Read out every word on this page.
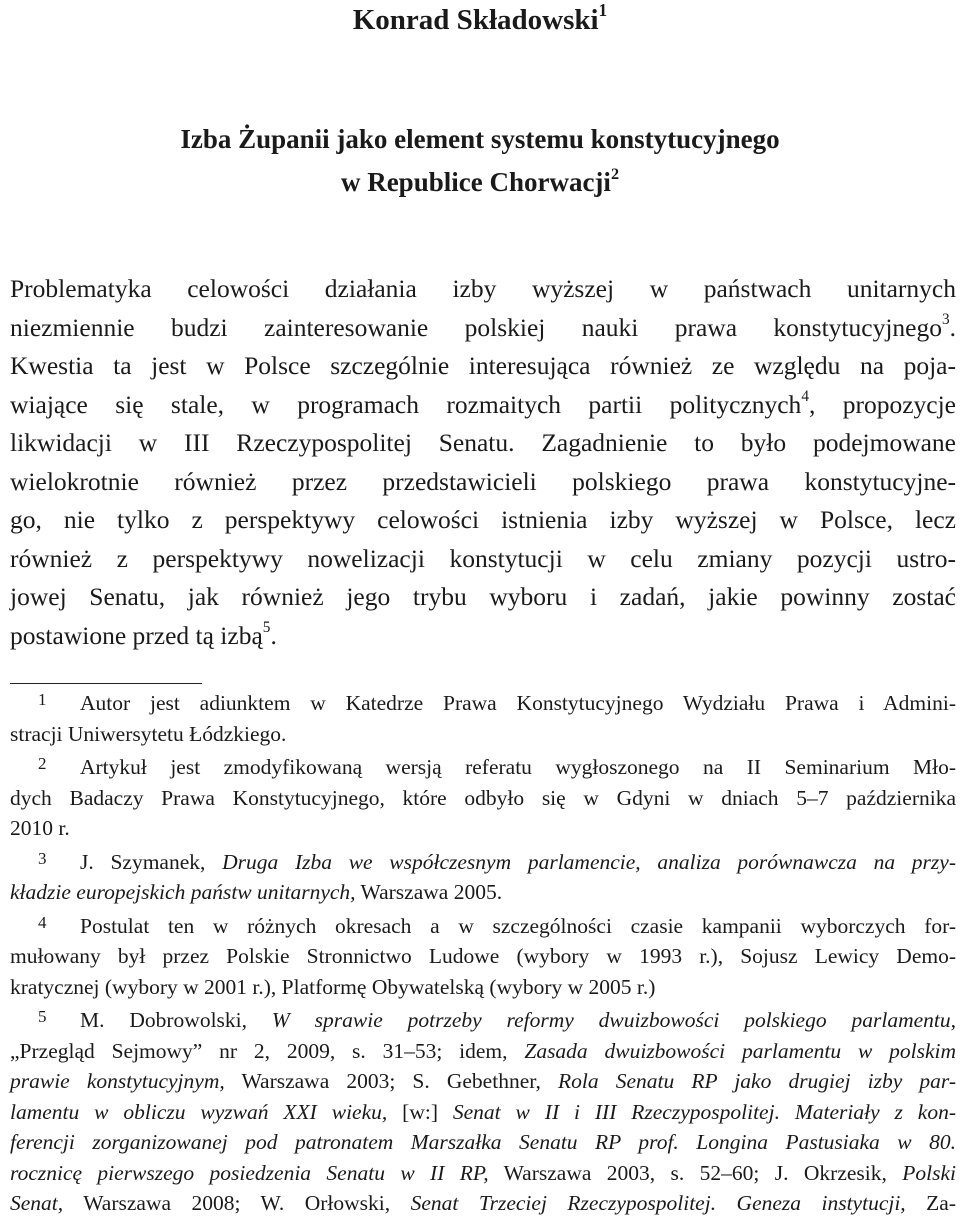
Konrad Składowski$^1$
Izba Żupanii jako element systemu konstytucyjnego
w Republice Chorwacji$^2$
Problematyka celowości działania izby wyższej w państwach unitarnych
niezmiennie budzi zainteresowanie polskiej nauki prawa konstytucyjnego$^3$.
Kwestia ta jest w Polsce szczególnie interesująca również ze względu na poja-
wiające się stale, w programach rozmaitych partii politycznych$^4$, propozycje
likwidacji w III Rzeczypospolitej Senatu. Zagadnienie to było podejmowane
wielokrotnie również przez przedstawicieli polskiego prawa konstytucyjne-
go, nie tylko z perspektywy celowości istnienia izby wyższej w Polsce, lecz
również z perspektywy nowelizacji konstytucji w celu zmiany pozycji ustro-
jowej Senatu, jak również jego trybu wyboru i zadań, jakie powinny zostać
postawione przed tą izbą$^5$.
1 Autor jest adiunktem w Katedrze Prawa Konstytucyjnego Wydziału Prawa i Admini-
stracji Uniwersytetu Łódzkiego.
2 Artykuł jest zmodyfikowaną wersją referatu wygłoszonego na II Seminarium Mło-
dych Badaczy Prawa Konstytucyjnego, które odbyło się w Gdyni w dniach 5–7 października
2010 r.
3 J. Szymanek, Druga Izba we współczesnym parlamencie, analiza porównawcza na przy-
kładzie europejskich państw unitarnych, Warszawa 2005.
4 Postulat ten w różnych okresach a w szczególności czasie kampanii wyborczych for-
mułowany był przez Polskie Stronnictwo Ludowe (wybory w 1993 r.), Sojusz Lewicy Demo-
kratycznej (wybory w 2001 r.), Platformę Obywatelską (wybory w 2005 r.)
5 M. Dobrowolski, W sprawie potrzeby reformy dwuizbowości polskiego parlamentu,
„Przegląd Sejmowy” nr 2, 2009, s. 31–53; idem, Zasada dwuizbowości parlamentu w polskim
prawie konstytucyjnym, Warszawa 2003; S. Gebethner, Rola Senatu RP jako drugiej izby par-
lamentu w obliczu wyzwań XXI wieku, [w:] Senat w II i III Rzeczypospolitej. Materiały z kon-
ferencji zorganizowanej pod patronatem Marszałka Senatu RP prof. Longina Pastusiaka w 80.
rocznicę pierwszego posiedzenia Senatu w II RP, Warszawa 2003, s. 52–60; J. Okrzesik, Polski
Senat, Warszawa 2008; W. Orłowski, Senat Trzeciej Rzeczypospolitej. Geneza instytucji, Za-
